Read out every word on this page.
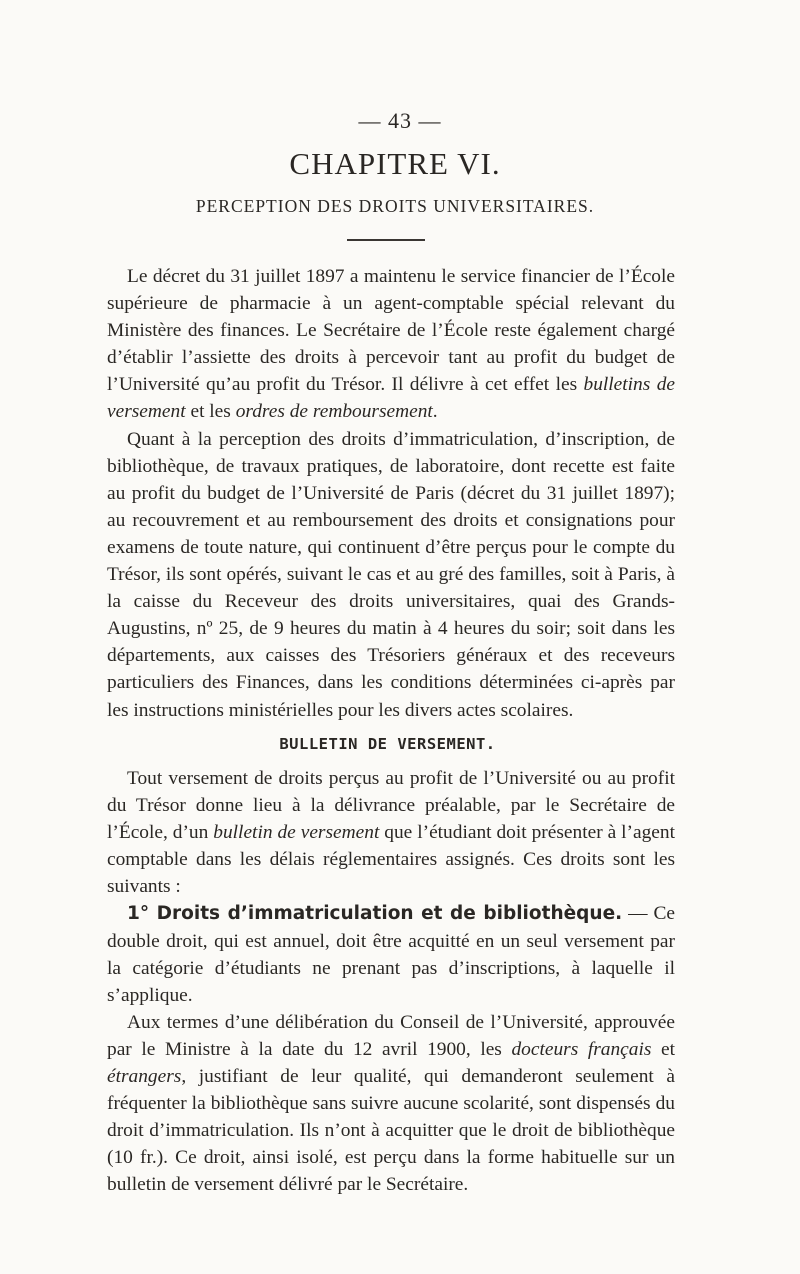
— 43 —
CHAPITRE VI.
PERCEPTION DES DROITS UNIVERSITAIRES.

Le décret du 31 juillet 1897 a maintenu le service financier de l’École supérieure de pharmacie à un agent-comptable spécial relevant du Ministère des finances. Le Secrétaire de l’École reste également chargé d’établir l’assiette des droits à percevoir tant au profit du budget de l’Université qu’au profit du Trésor. Il délivre à cet effet les bulletins de versement et les ordres de remboursement.

Quant à la perception des droits d’immatriculation, d’inscription, de bibliothèque, de travaux pratiques, de laboratoire, dont recette est faite au profit du budget de l’Université de Paris (décret du 31 juillet 1897); au recouvrement et au remboursement des droits et consignations pour examens de toute nature, qui continuent d’être perçus pour le compte du Trésor, ils sont opérés, suivant le cas et au gré des familles, soit à Paris, à la caisse du Receveur des droits universitaires, quai des Grands-Augustins, nº 25, de 9 heures du matin à 4 heures du soir; soit dans les départements, aux caisses des Trésoriers généraux et des receveurs particuliers des Finances, dans les conditions déterminées ci-après par les instructions ministérielles pour les divers actes scolaires.

BULLETIN DE VERSEMENT.

Tout versement de droits perçus au profit de l’Université ou au profit du Trésor donne lieu à la délivrance préalable, par le Secrétaire de l’École, d’un bulletin de versement que l’étudiant doit présenter à l’agent comptable dans les délais réglementaires assignés. Ces droits sont les suivants :

1° Droits d’immatriculation et de bibliothèque. — Ce double droit, qui est annuel, doit être acquitté en un seul versement par la catégorie d’étudiants ne prenant pas d’inscriptions, à laquelle il s’applique.

Aux termes d’une délibération du Conseil de l’Université, approuvée par le Ministre à la date du 12 avril 1900, les docteurs français et étrangers, justifiant de leur qualité, qui demanderont seulement à fréquenter la bibliothèque sans suivre aucune scolarité, sont dispensés du droit d’immatriculation. Ils n’ont à acquitter que le droit de bibliothèque (10 fr.). Ce droit, ainsi isolé, est perçu dans la forme habituelle sur un bulletin de versement délivré par le Secrétaire.
